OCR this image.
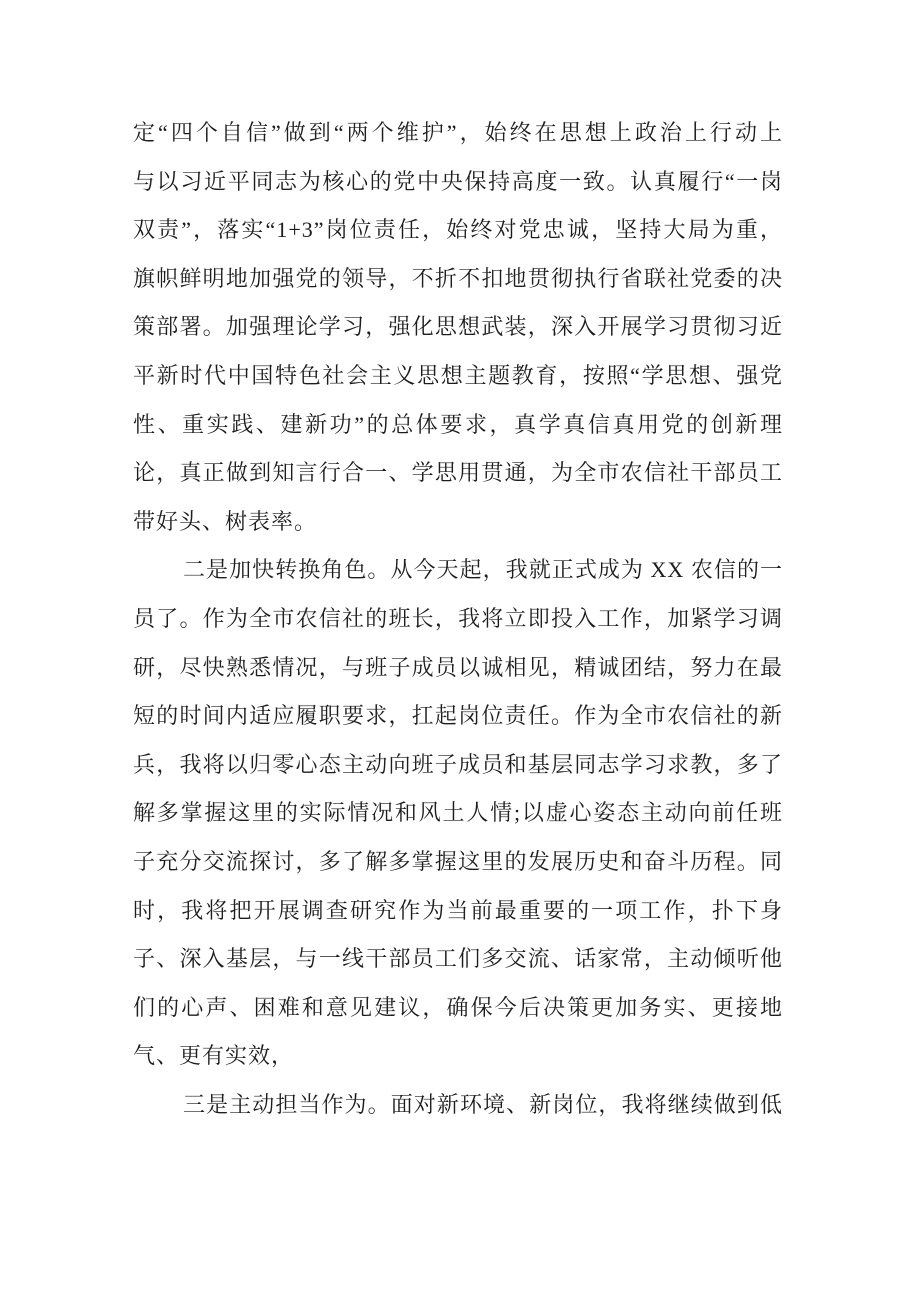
定“四个自信”做到“两个维护”，始终在思想上政治上行动上
与以习近平同志为核心的党中央保持高度一致。认真履行“一岗
双责”，落实“1+3”岗位责任，始终对党忠诚，坚持大局为重，
旗帜鲜明地加强党的领导，不折不扣地贯彻执行省联社党委的决
策部署。加强理论学习，强化思想武装，深入开展学习贯彻习近
平新时代中国特色社会主义思想主题教育，按照“学思想、强党
性、重实践、建新功”的总体要求，真学真信真用党的创新理
论，真正做到知言行合一、学思用贯通，为全市农信社干部员工
带好头、树表率。
二是加快转换角色。从今天起，我就正式成为 XX 农信的一
员了。作为全市农信社的班长，我将立即投入工作，加紧学习调
研，尽快熟悉情况，与班子成员以诚相见，精诚团结，努力在最
短的时间内适应履职要求，扛起岗位责任。作为全市农信社的新
兵，我将以归零心态主动向班子成员和基层同志学习求教，多了
解多掌握这里的实际情况和风土人情;以虚心姿态主动向前任班
子充分交流探讨，多了解多掌握这里的发展历史和奋斗历程。同
时，我将把开展调查研究作为当前最重要的一项工作，扑下身
子、深入基层，与一线干部员工们多交流、话家常，主动倾听他
们的心声、困难和意见建议，确保今后决策更加务实、更接地
气、更有实效，
三是主动担当作为。面对新环境、新岗位，我将继续做到低
